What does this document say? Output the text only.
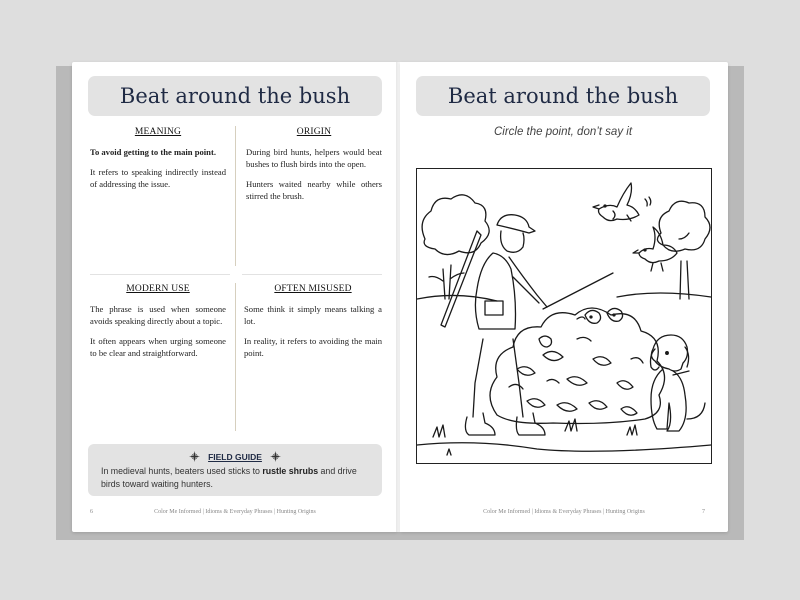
Beat around the bush
MEANING

To avoid getting to the main point.

It refers to speaking indirectly instead of addressing the issue.

ORIGIN

During bird hunts, helpers would beat bushes to flush birds into the open.

Hunters waited nearby while others stirred the brush.

MODERN USE

The phrase is used when someone avoids speaking directly about a topic.

It often appears when urging someone to be clear and straightforward.

OFTEN MISUSED

Some think it simply means talking a lot.

In reality, it refers to avoiding the main point.

FIELD GUIDE
In medieval hunts, beaters used sticks to rustle shrubs and drive birds toward waiting hunters.
6	Color Me Informed | Idioms & Everyday Phrases | Hunting Origins
Beat around the bush
Circle the point, don’t say it
Color Me Informed | Idioms & Everyday Phrases | Hunting Origins	7
